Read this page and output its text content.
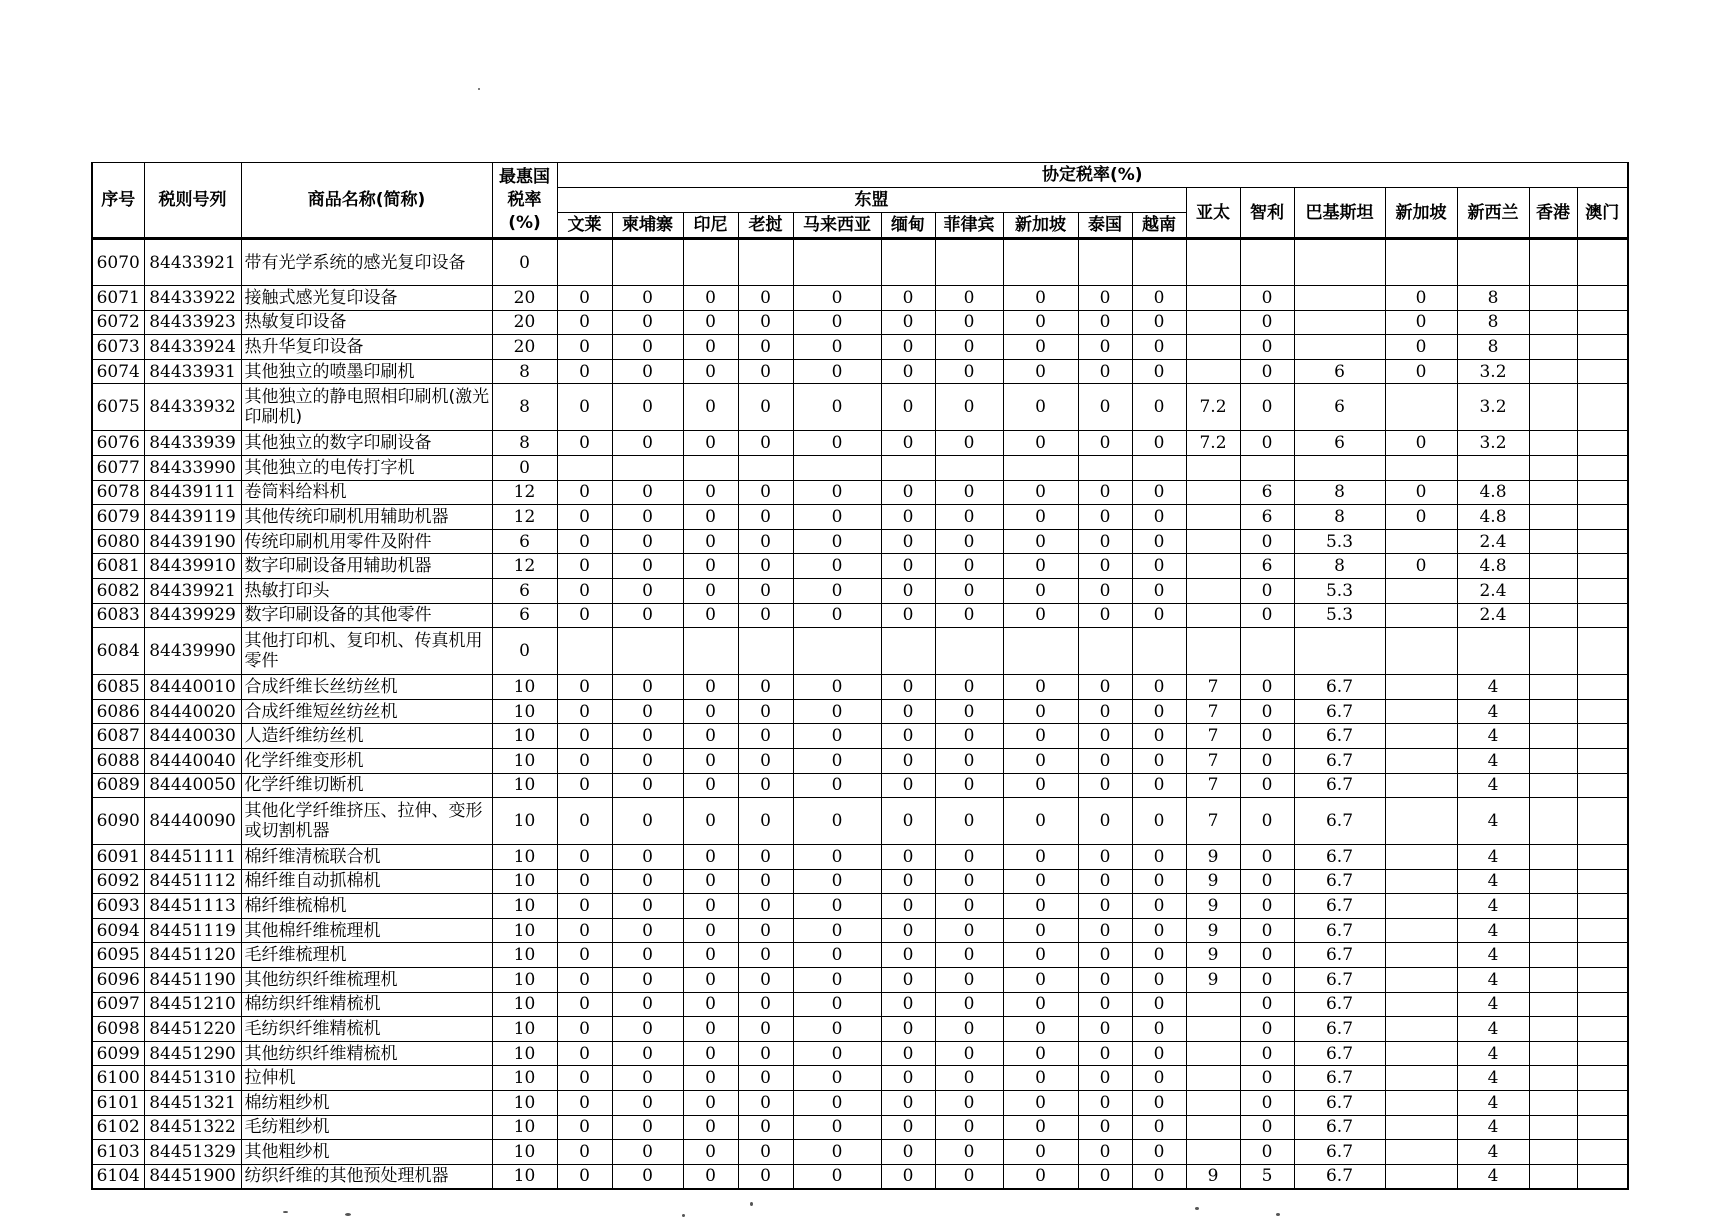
序号	税则号列	商品名称(简称)	最惠国税率(%)	协定税率(%)																
				东盟										亚太	智利	巴基斯坦	新加坡	新西兰	香港	澳门
				文莱	柬埔寨	印尼	老挝	马来西亚	缅甸	菲律宾	新加坡	泰国	越南							
6070	84433921	带有光学系统的感光复印设备	0																	
6071	84433922	接触式感光复印设备	20	0	0	0	0	0	0	0	0	0	0		0		0	8		
6072	84433923	热敏复印设备	20	0	0	0	0	0	0	0	0	0	0		0		0	8		
6073	84433924	热升华复印设备	20	0	0	0	0	0	0	0	0	0	0		0		0	8		
6074	84433931	其他独立的喷墨印刷机	8	0	0	0	0	0	0	0	0	0	0		0	6	0	3.2		
6075	84433932	其他独立的静电照相印刷机(激光印刷机)	8	0	0	0	0	0	0	0	0	0	0	7.2	0	6		3.2		
6076	84433939	其他独立的数字印刷设备	8	0	0	0	0	0	0	0	0	0	0	7.2	0	6	0	3.2		
6077	84433990	其他独立的电传打字机	0																	
6078	84439111	卷筒料给料机	12	0	0	0	0	0	0	0	0	0	0		6	8	0	4.8		
6079	84439119	其他传统印刷机用辅助机器	12	0	0	0	0	0	0	0	0	0	0		6	8	0	4.8		
6080	84439190	传统印刷机用零件及附件	6	0	0	0	0	0	0	0	0	0	0		0	5.3		2.4		
6081	84439910	数字印刷设备用辅助机器	12	0	0	0	0	0	0	0	0	0	0		6	8	0	4.8		
6082	84439921	热敏打印头	6	0	0	0	0	0	0	0	0	0	0		0	5.3		2.4		
6083	84439929	数字印刷设备的其他零件	6	0	0	0	0	0	0	0	0	0	0		0	5.3		2.4		
6084	84439990	其他打印机、复印机、传真机用零件	0																	
6085	84440010	合成纤维长丝纺丝机	10	0	0	0	0	0	0	0	0	0	0	7	0	6.7		4		
6086	84440020	合成纤维短丝纺丝机	10	0	0	0	0	0	0	0	0	0	0	7	0	6.7		4		
6087	84440030	人造纤维纺丝机	10	0	0	0	0	0	0	0	0	0	0	7	0	6.7		4		
6088	84440040	化学纤维变形机	10	0	0	0	0	0	0	0	0	0	0	7	0	6.7		4		
6089	84440050	化学纤维切断机	10	0	0	0	0	0	0	0	0	0	0	7	0	6.7		4		
6090	84440090	其他化学纤维挤压、拉伸、变形或切割机器	10	0	0	0	0	0	0	0	0	0	0	7	0	6.7		4		
6091	84451111	棉纤维清梳联合机	10	0	0	0	0	0	0	0	0	0	0	9	0	6.7		4		
6092	84451112	棉纤维自动抓棉机	10	0	0	0	0	0	0	0	0	0	0	9	0	6.7		4		
6093	84451113	棉纤维梳棉机	10	0	0	0	0	0	0	0	0	0	0	9	0	6.7		4		
6094	84451119	其他棉纤维梳理机	10	0	0	0	0	0	0	0	0	0	0	9	0	6.7		4		
6095	84451120	毛纤维梳理机	10	0	0	0	0	0	0	0	0	0	0	9	0	6.7		4		
6096	84451190	其他纺织纤维梳理机	10	0	0	0	0	0	0	0	0	0	0	9	0	6.7		4		
6097	84451210	棉纺织纤维精梳机	10	0	0	0	0	0	0	0	0	0	0		0	6.7		4		
6098	84451220	毛纺织纤维精梳机	10	0	0	0	0	0	0	0	0	0	0		0	6.7		4		
6099	84451290	其他纺织纤维精梳机	10	0	0	0	0	0	0	0	0	0	0		0	6.7		4		
6100	84451310	拉伸机	10	0	0	0	0	0	0	0	0	0	0		0	6.7		4		
6101	84451321	棉纺粗纱机	10	0	0	0	0	0	0	0	0	0	0		0	6.7		4		
6102	84451322	毛纺粗纱机	10	0	0	0	0	0	0	0	0	0	0		0	6.7		4		
6103	84451329	其他粗纱机	10	0	0	0	0	0	0	0	0	0	0		0	6.7		4		
6104	84451900	纺织纤维的其他预处理机器	10	0	0	0	0	0	0	0	0	0	0	9	5	6.7		4		
